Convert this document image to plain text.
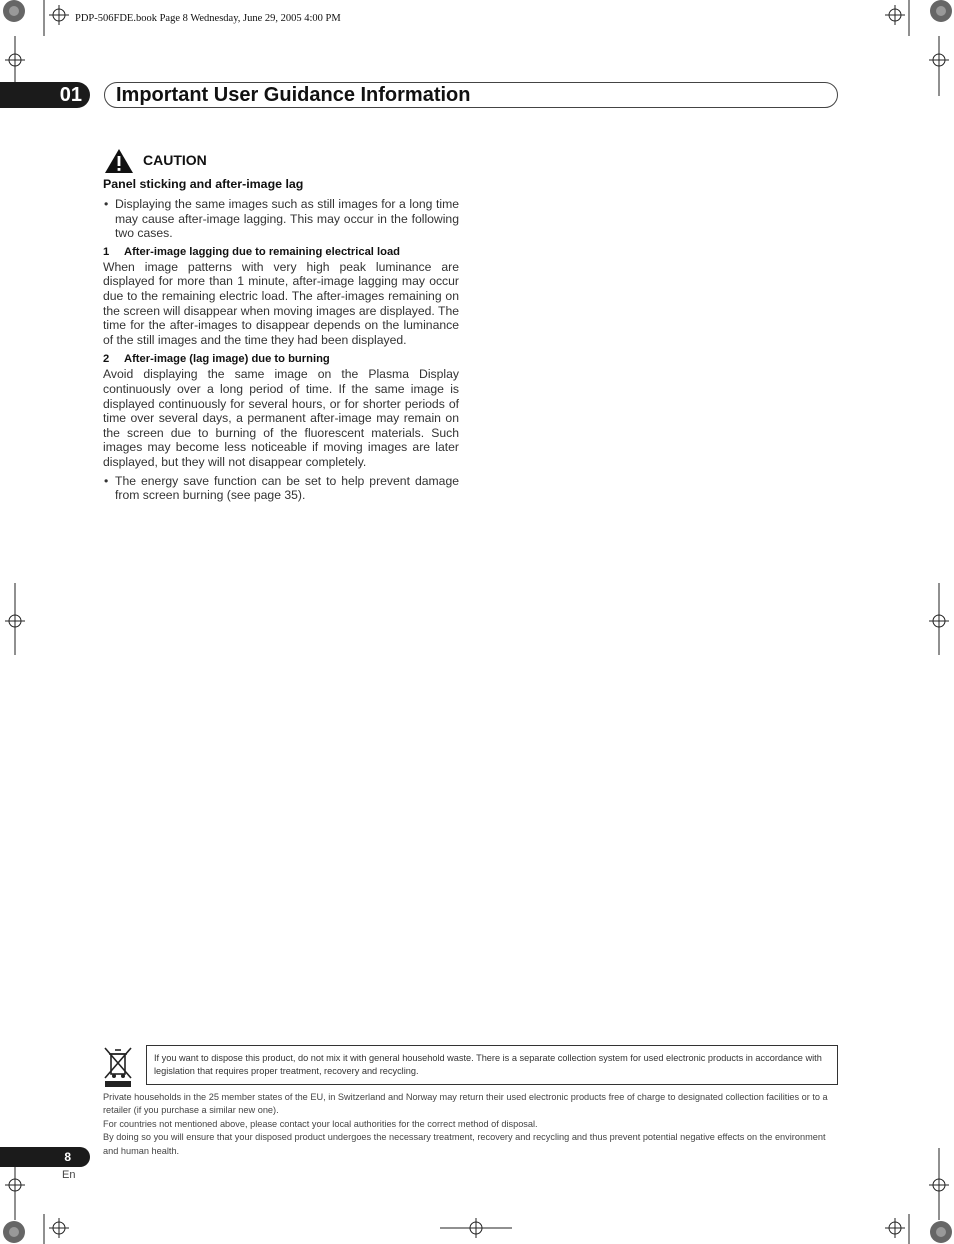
PDP-506FDE.book Page 8 Wednesday, June 29, 2005 4:00 PM
01 Important User Guidance Information
CAUTION
Panel sticking and after-image lag

• Displaying the same images such as still images for a long time may cause after-image lagging. This may occur in the following two cases.

1 After-image lagging due to remaining electrical load

When image patterns with very high peak luminance are displayed for more than 1 minute, after-image lagging may occur due to the remaining electric load. The after-images remaining on the screen will disappear when moving images are displayed. The time for the after-images to disappear depends on the luminance of the still images and the time they had been displayed.

2 After-image (lag image) due to burning

Avoid displaying the same image on the Plasma Display continuously over a long period of time. If the same image is displayed continuously for several hours, or for shorter periods of time over several days, a permanent after-image may remain on the screen due to burning of the fluorescent materials. Such images may become less noticeable if moving images are later displayed, but they will not disappear completely.

• The energy save function can be set to help prevent damage from screen burning (see page 35).

If you want to dispose this product, do not mix it with general household waste. There is a separate collection system for used electronic products in accordance with legislation that requires proper treatment, recovery and recycling.

Private households in the 25 member states of the EU, in Switzerland and Norway may return their used electronic products free of charge to designated collection facilities or to a retailer (if you purchase a similar new one).

For countries not mentioned above, please contact your local authorities for the correct method of disposal.

By doing so you will ensure that your disposed product undergoes the necessary treatment, recovery and recycling and thus prevent potential negative effects on the environment and human health.

8
En
